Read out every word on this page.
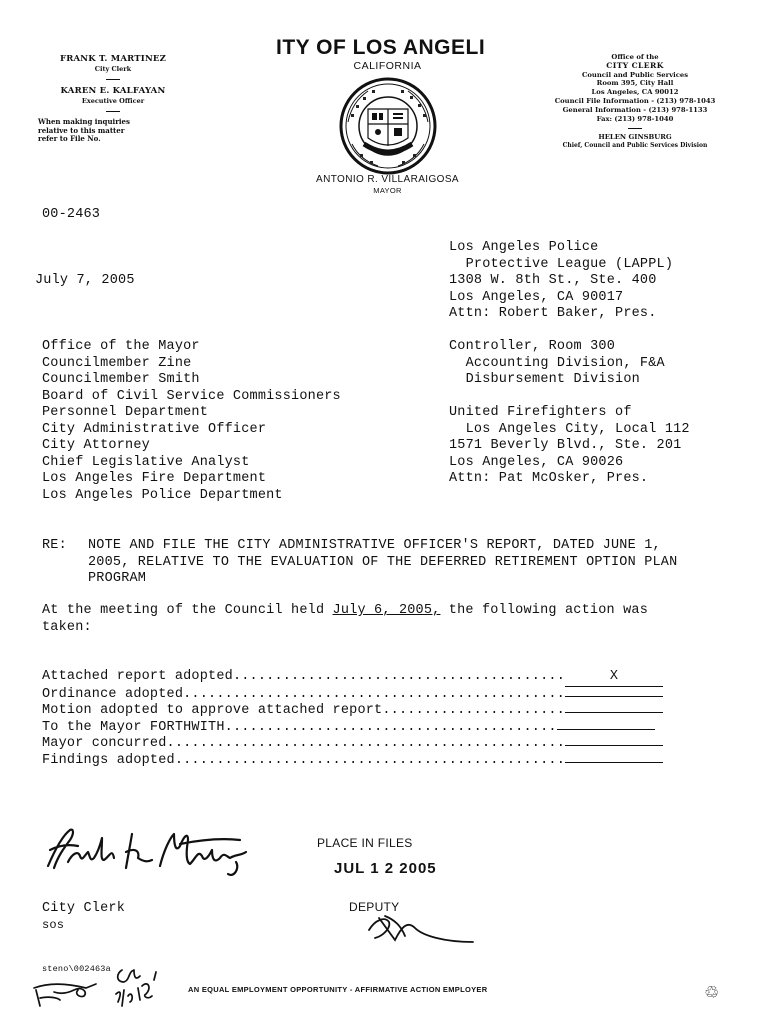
FRANK T. MARTINEZ
City Clerk
KAREN E. KALFAYAN
Executive Officer
When making inquiries
relative to this matter
refer to File No.
ITY OF LOS ANGELI
CALIFORNIA
ANTONIO R. VILLARAIGOSA
MAYOR
Office of the
CITY CLERK
Council and Public Services
Room 395, City Hall
Los Angeles, CA 90012
Council File Information - (213) 978-1043
General Information - (213) 978-1133
Fax: (213) 978-1040
HELEN GINSBURG
Chief, Council and Public Services Division
00-2463
July 7, 2005
Los Angeles Police
Protective League (LAPPL)
1308 W. 8th St., Ste. 400
Los Angeles, CA 90017
Attn: Robert Baker, Pres.
Controller, Room 300
Accounting Division, F&A
Disbursement Division
United Firefighters of
Los Angeles City, Local 112
1571 Beverly Blvd., Ste. 201
Los Angeles, CA 90026
Attn: Pat McOsker, Pres.
Office of the Mayor
Councilmember Zine
Councilmember Smith
Board of Civil Service Commissioners
Personnel Department
City Administrative Officer
City Attorney
Chief Legislative Analyst
Los Angeles Fire Department
Los Angeles Police Department
RE: NOTE AND FILE THE CITY ADMINISTRATIVE OFFICER'S REPORT, DATED JUNE 1,
2005, RELATIVE TO THE EVALUATION OF THE DEFERRED RETIREMENT OPTION PLAN
PROGRAM
At the meeting of the Council held July 6, 2005, the following action was
taken:
Attached report adopted........................................	X
Ordinance adopted..............................................
Motion adopted to approve attached report......................
To the Mayor FORTHWITH........................................
Mayor concurred................................................
Findings adopted...............................................
City Clerk
sos
PLACE IN FILES
JUL 1 2 2005
DEPUTY
steno\002463a
AN EQUAL EMPLOYMENT OPPORTUNITY - AFFIRMATIVE ACTION EMPLOYER	♲
